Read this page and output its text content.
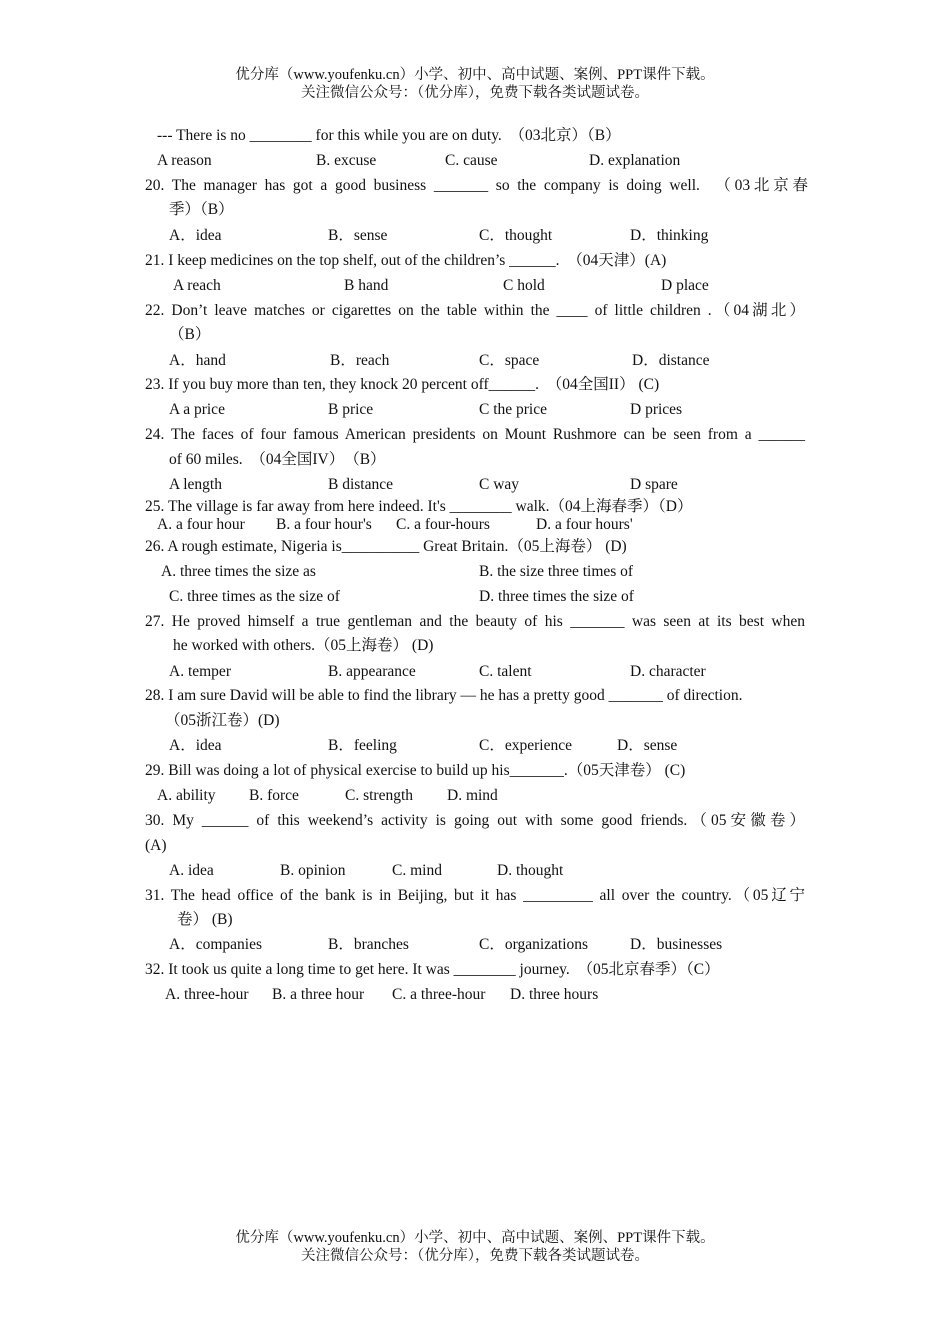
优分库（www.youfenku.cn）小学、初中、高中试题、案例、PPT课件下载。
关注微信公众号：（优分库），免费下载各类试题试卷。
--- There is no ________ for this while you are on duty.　（03北京）（B）
A reason	B. excuse	C. cause	D. explanation
20. The manager has got a good business _______ so the company is doing well.　（03北京春
季）（B）
A．idea	B．sense	C．thought	D．thinking
21. I keep medicines on the top shelf, out of the children’s ______.　（04天津）(A)
A reach	B hand	C hold	D place
22. Don’t leave matches or cigarettes on the table within the ____ of little children .（04湖北）
（B）
A．hand	B．reach	C．space	D．distance
23. If you buy more than ten, they knock 20 percent off______.　（04全国II） (C)
A a price	B price	C the price	D prices
24. The faces of four famous American presidents on Mount Rushmore can be seen from a ______
of 60 miles.　（04全国IV）　（B）
A length	B distance	C way	D spare
25. The village is far away from here indeed. It's ________ walk.（04上海春季）（D）
A. a four hour B. a four hour's C. a four-hours	D. a four hours'
26. A rough estimate, Nigeria is__________ Great Britain.（05上海卷） (D)
A. three times the size as	B. the size three times of
C. three times as the size of	D. three times the size of
27. He proved himself a true gentleman and the beauty of his _______ was seen at its best when
he worked with others.（05上海卷） (D)
A. temper	B. appearance	C. talent	D. character
28. I am sure David will be able to find the library — he has a pretty good _______ of direction.
（05浙江卷）(D)
A．idea	B．feeling	C．experience	D．sense
29. Bill was doing a lot of physical exercise to build up his_______.（05天津卷） (C)
A. ability B. force	C. strength D. mind
30. My ______ of this weekend’s activity is going out with some good friends.（05安徽卷）
(A)
A. idea	B. opinion	C. mind	D. thought
31. The head office of the bank is in Beijing, but it has _________ all over the country.（05辽宁
卷） (B)
A．companies	B．branches	C．organizations	D．businesses
32. It took us quite a long time to get here. It was ________ journey.　（05北京春季）（C）
A. three-hour B. a three hour C. a three-hour D. three hours
优分库（www.youfenku.cn）小学、初中、高中试题、案例、PPT课件下载。
关注微信公众号：（优分库），免费下载各类试题试卷。
